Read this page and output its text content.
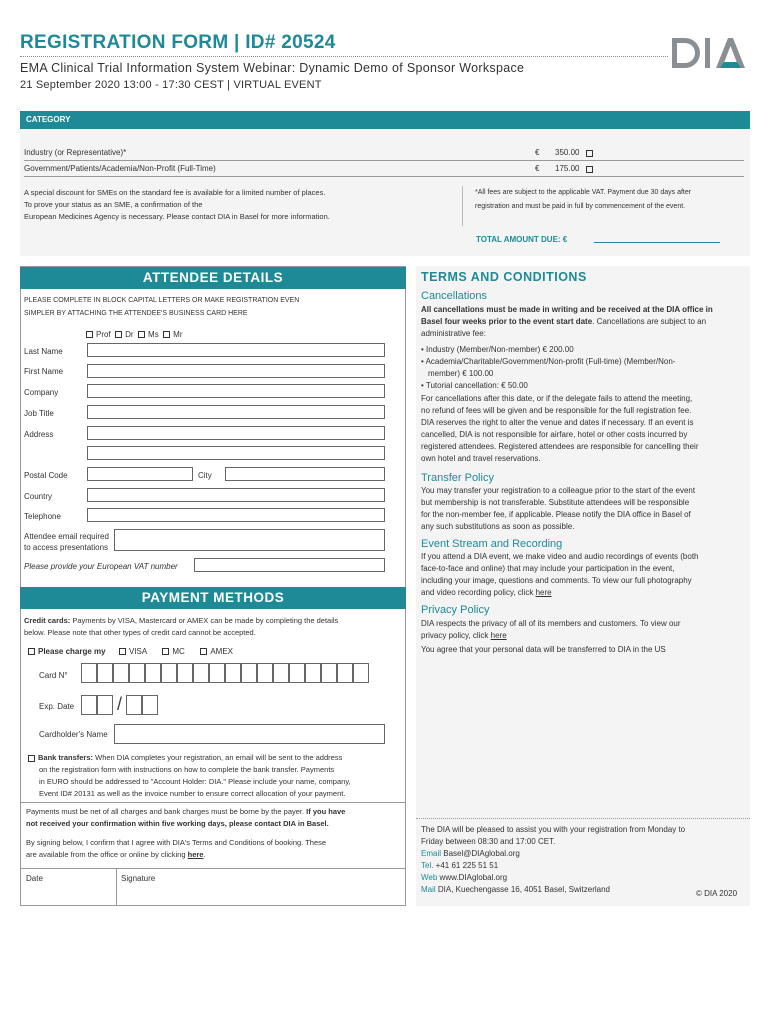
REGISTRATION FORM | ID# 20524
EMA Clinical Trial Information System Webinar: Dynamic Demo of Sponsor Workspace
21 September 2020 13:00 - 17:30 CEST | VIRTUAL EVENT
CATEGORY
Industry (or Representative)*	€ 350.00
Government/Patients/Academia/Non-Profit (Full-Time)	€ 175.00
A special discount for SMEs on the standard fee is available for a limited number of places.
To prove your status as an SME, a confirmation of the
European Medicines Agency is necessary. Please contact DIA in Basel for more information.
*All fees are subject to the applicable VAT. Payment due 30 days after
registration and must be paid in full by commencement of the event.
TOTAL AMOUNT DUE: €
ATTENDEE DETAILS
PLEASE COMPLETE IN BLOCK CAPITAL LETTERS OR MAKE REGISTRATION EVEN
SIMPLER BY ATTACHING THE ATTENDEE'S BUSINESS CARD HERE
Prof Dr Ms Mr
Last Name
First Name
Company
Job Title
Address
Postal Code	City
Country
Telephone
Attendee email required
to access presentations
Please provide your European VAT number
PAYMENT METHODS
Credit cards: Payments by VISA, Mastercard or AMEX can be made by completing the details
below. Please note that other types of credit card cannot be accepted.
Please charge my	VISA	MC	AMEX
Card N°
Exp. Date /
Cardholder's Name
Bank transfers: When DIA completes your registration, an email will be sent to the address
on the registration form with instructions on how to complete the bank transfer. Payments
in EURO should be addressed to "Account Holder: DIA." Please include your name, company,
Event ID# 20131 as well as the invoice number to ensure correct allocation of your payment.
Payments must be net of all charges and bank charges must be borne by the payer. If you have
not received your confirmation within five working days, please contact DIA in Basel.
By signing below, I confirm that I agree with DIA's Terms and Conditions of booking. These
are available from the office or online by clicking here.
Date	Signature
TERMS AND CONDITIONS
Cancellations
All cancellations must be made in writing and be received at the DIA office in
Basel four weeks prior to the event start date. Cancellations are subject to an
administrative fee:
• Industry (Member/Non-member) € 200.00
• Academia/Charitable/Government/Non-profit (Full-time) (Member/Non-
member) € 100.00
• Tutorial cancellation: € 50.00
For cancellations after this date, or if the delegate fails to attend the meeting,
no refund of fees will be given and be responsible for the full registration fee.
DIA reserves the right to alter the venue and dates if necessary. If an event is
cancelled, DIA is not responsible for airfare, hotel or other costs incurred by
registered attendees. Registered attendees are responsible for cancelling their
own hotel and travel reservations.
Transfer Policy
You may transfer your registration to a colleague prior to the start of the event
but membership is not transferable. Substitute attendees will be responsible
for the non-member fee, if applicable. Please notify the DIA office in Basel of
any such substitutions as soon as possible.
Event Stream and Recording
If you attend a DIA event, we make video and audio recordings of events (both
face-to-face and online) that may include your participation in the event,
including your image, questions and comments. To view our full photography
and video recording policy, click here
Privacy Policy
DIA respects the privacy of all of its members and customers. To view our
privacy policy, click here
You agree that your personal data will be transferred to DIA in the US
The DIA will be pleased to assist you with your registration from Monday to
Friday between 08:30 and 17:00 CET.
Email Basel@DIAglobal.org
Tel. +41 61 225 51 51
Web www.DIAglobal.org
Mail DIA, Kuechengasse 16, 4051 Basel, Switzerland	© DIA 2020
